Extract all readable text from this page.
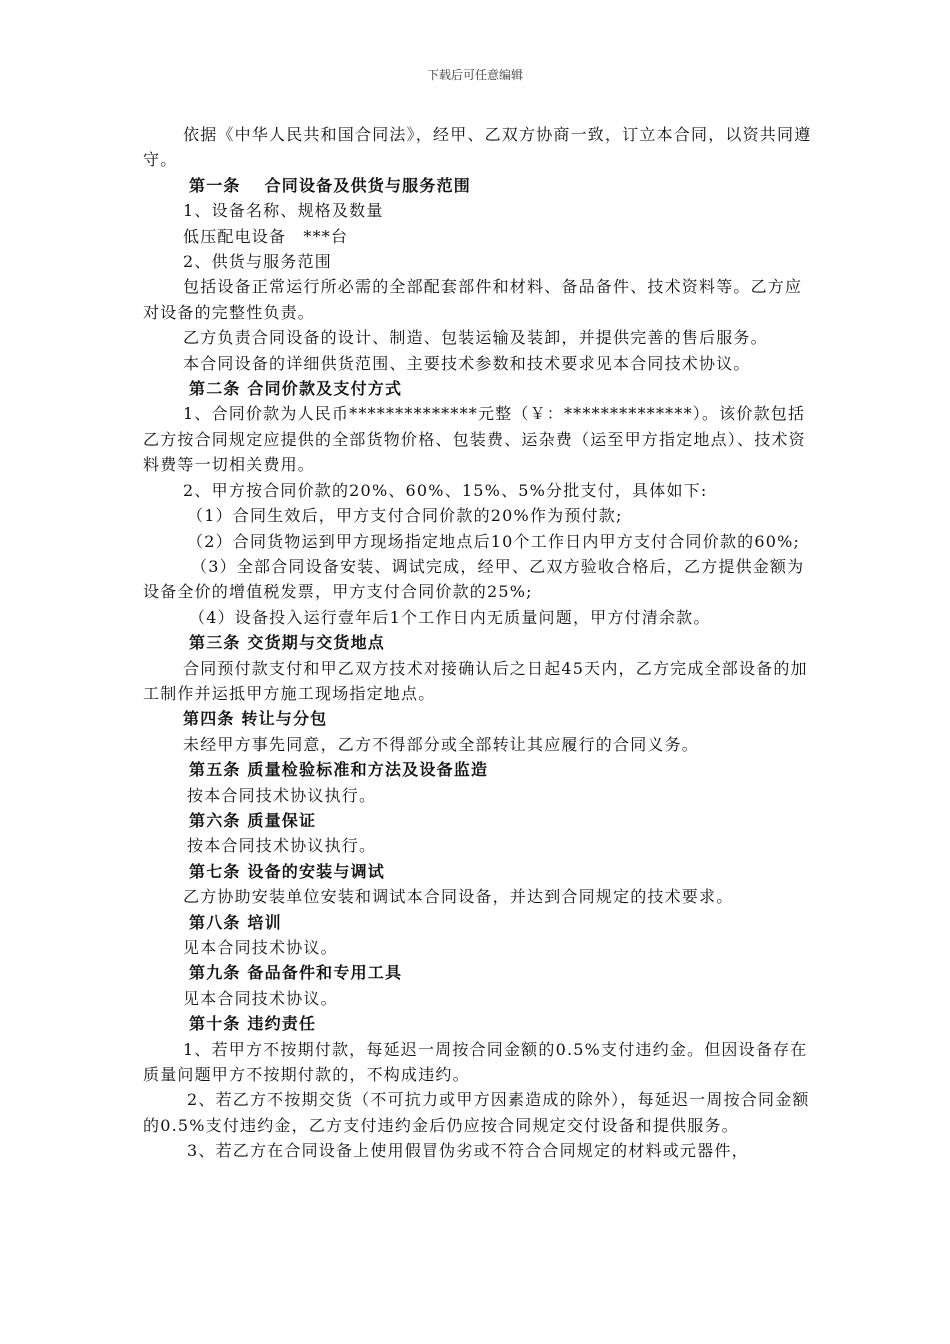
下载后可任意编辑

依据《中华人民共和国合同法》，经甲、乙双方协商一致，订立本合同，以资共同遵守。

第一条　 合同设备及供货与服务范围

1、设备名称、规格及数量

低压配电设备　***台

2、供货与服务范围

包括设备正常运行所必需的全部配套部件和材料、备品备件、技术资料等。乙方应对设备的完整性负责。

乙方负责合同设备的设计、制造、包装运输及装卸，并提供完善的售后服务。

本合同设备的详细供货范围、主要技术参数和技术要求见本合同技术协议。

第二条 合同价款及支付方式

1、合同价款为人民币**************元整（￥：**************）。该价款包括乙方按合同规定应提供的全部货物价格、包装费、运杂费（运至甲方指定地点）、技术资料费等一切相关费用。

2、甲方按合同价款的20%、60%、15%、5%分批支付，具体如下:

（1）合同生效后，甲方支付合同价款的20%作为预付款;

（2）合同货物运到甲方现场指定地点后10个工作日内甲方支付合同价款的60%;

（3）全部合同设备安装、调试完成，经甲、乙双方验收合格后，乙方提供金额为设备全价的增值税发票，甲方支付合同价款的25%;

（4）设备投入运行壹年后1个工作日内无质量问题，甲方付清余款。

第三条 交货期与交货地点

合同预付款支付和甲乙双方技术对接确认后之日起45天内，乙方完成全部设备的加工制作并运抵甲方施工现场指定地点。

第四条 转让与分包

未经甲方事先同意，乙方不得部分或全部转让其应履行的合同义务。

第五条 质量检验标准和方法及设备监造

按本合同技术协议执行。

第六条 质量保证

按本合同技术协议执行。

第七条 设备的安装与调试

乙方协助安装单位安装和调试本合同设备，并达到合同规定的技术要求。

第八条 培训

见本合同技术协议。

第九条 备品备件和专用工具

见本合同技术协议。

第十条 违约责任

1、若甲方不按期付款，每延迟一周按合同金额的0.5%支付违约金。但因设备存在质量问题甲方不按期付款的，不构成违约。

2、若乙方不按期交货（不可抗力或甲方因素造成的除外），每延迟一周按合同金额的0.5%支付违约金，乙方支付违约金后仍应按合同规定交付设备和提供服务。

3、若乙方在合同设备上使用假冒伪劣或不符合合同规定的材料或元器件，
